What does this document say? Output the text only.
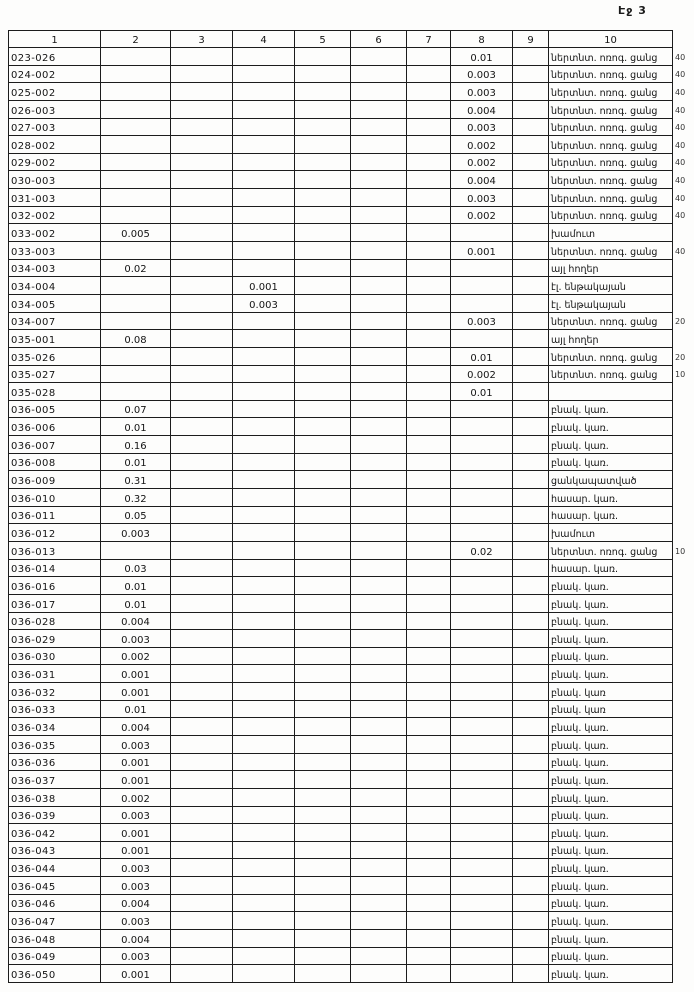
Էջ 3
1	2	3	4	5	6	7	8	9	10
023-026							0.01		ներտնտ. ոռոգ. ցանց 40

024-002							0.003		ներտնտ. ոռոգ. ցանց 40

025-002							0.003		ներտնտ. ոռոգ. ցանց 40

026-003							0.004		ներտնտ. ոռոգ. ցանց 40

027-003							0.003		ներտնտ. ոռոգ. ցանց 40

028-002							0.002		ներտնտ. ոռոգ. ցանց 40

029-002							0.002		ներտնտ. ոռոգ. ցանց 40

030-003							0.004		ներտնտ. ոռոգ. ցանց 40

031-003							0.003		ներտնտ. ոռոգ. ցանց 40

032-002							0.002		ներտնտ. ոռոգ. ցանց 40

033-002	0.005								խամուտ
033-003							0.001		ներտնտ. ոռոգ. ցանց 40

034-003	0.02								այլ հողեր
034-004			0.001						էլ. ենթակայան
034-005			0.003						էլ. ենթակայան
034-007							0.003		ներտնտ. ոռոգ. ցանց 20

035-001	0.08								այլ հողեր
035-026							0.01		ներտնտ. ոռոգ. ցանց 20

035-027							0.002		ներտնտ. ոռոգ. ցանց 10

035-028							0.01		
036-005	0.07								բնակ. կառ.
036-006	0.01								բնակ. կառ.
036-007	0.16								բնակ. կառ.
036-008	0.01								բնակ. կառ.
036-009	0.31								ցանկապատված
036-010	0.32								հասար. կառ.
036-011	0.05								հասար. կառ.
036-012	0.003								խամուտ
036-013							0.02		ներտնտ. ոռոգ. ցանց 10

036-014	0.03								հասար. կառ.
036-016	0.01								բնակ. կառ.
036-017	0.01								բնակ. կառ.
036-028	0.004								բնակ. կառ.
036-029	0.003								բնակ. կառ.
036-030	0.002								բնակ. կառ.
036-031	0.001								բնակ. կառ.
036-032	0.001								բնակ. կառ
036-033	0.01								բնակ. կառ
036-034	0.004								բնակ. կառ.
036-035	0.003								բնակ. կառ.
036-036	0.001								բնակ. կառ.
036-037	0.001								բնակ. կառ.
036-038	0.002								բնակ. կառ.
036-039	0.003								բնակ. կառ.
036-042	0.001								բնակ. կառ.
036-043	0.001								բնակ. կառ.
036-044	0.003								բնակ. կառ.
036-045	0.003								բնակ. կառ.
036-046	0.004								բնակ. կառ.
036-047	0.003								բնակ. կառ.
036-048	0.004								բնակ. կառ.
036-049	0.003								բնակ. կառ.
036-050	0.001								բնակ. կառ.
